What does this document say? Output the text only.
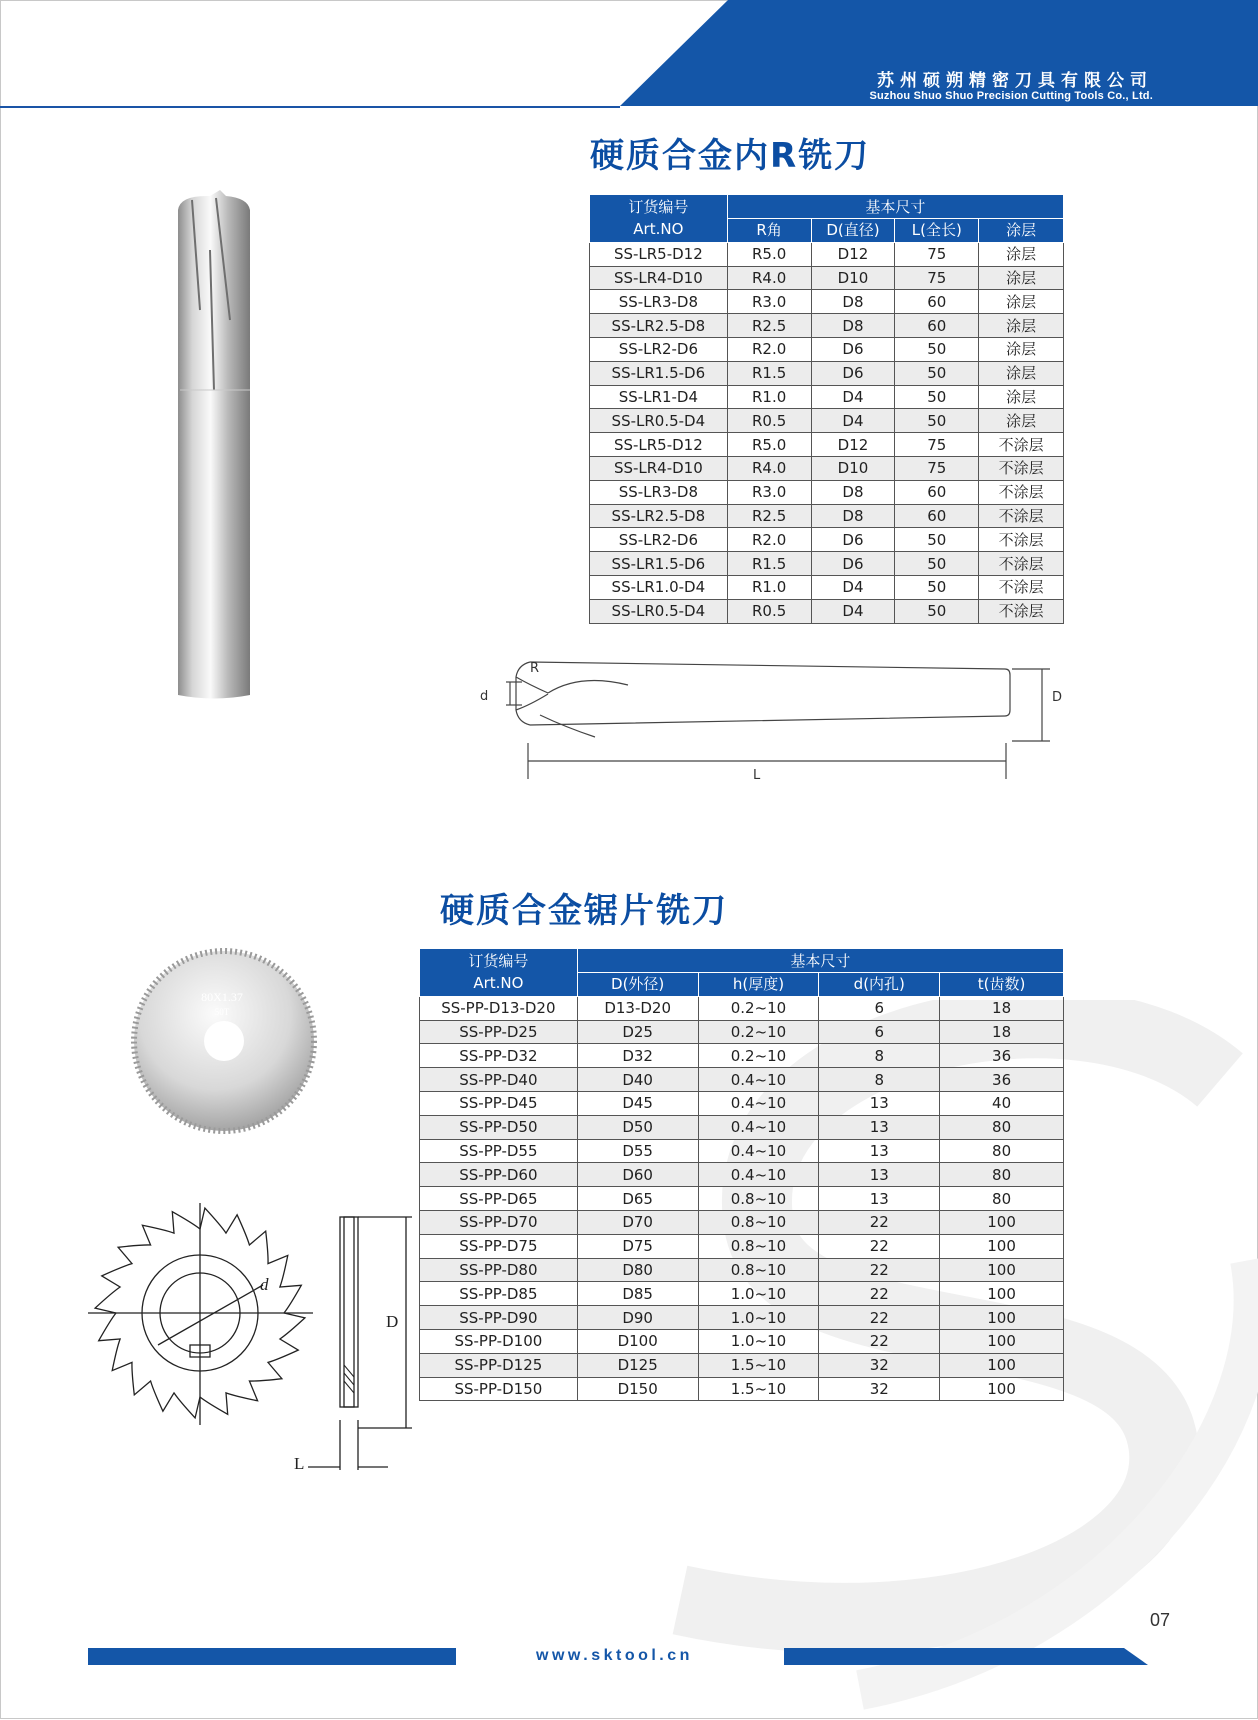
苏州硕朔精密刀具有限公司
Suzhou Shuo Shuo Precision Cutting Tools Co., Ltd.
硬质合金内R铣刀
订货编号
Art.NO	基本尺寸			
	R角	D(直径)	L(全长)	涂层
SS-LR5-D12	R5.0	D12	75	涂层
SS-LR4-D10	R4.0	D10	75	涂层
SS-LR3-D8	R3.0	D8	60	涂层
SS-LR2.5-D8	R2.5	D8	60	涂层
SS-LR2-D6	R2.0	D6	50	涂层
SS-LR1.5-D6	R1.5	D6	50	涂层
SS-LR1-D4	R1.0	D4	50	涂层
SS-LR0.5-D4	R0.5	D4	50	涂层
SS-LR5-D12	R5.0	D12	75	不涂层
SS-LR4-D10	R4.0	D10	75	不涂层
SS-LR3-D8	R3.0	D8	60	不涂层
SS-LR2.5-D8	R2.5	D8	60	不涂层
SS-LR2-D6	R2.0	D6	50	不涂层
SS-LR1.5-D6	R1.5	D6	50	不涂层
SS-LR1.0-D4	R1.0	D4	50	不涂层
SS-LR0.5-D4	R0.5	D4	50	不涂层
R
d	D
L
硬质合金锯片铣刀
80X1.37
50T
d
D
L
订货编号
Art.NO	基本尺寸			
	D(外径)	h(厚度)	d(内孔)	t(齿数)
SS-PP-D13-D20	D13-D20	0.2~10	6	18
SS-PP-D25	D25	0.2~10	6	18
SS-PP-D32	D32	0.2~10	8	36
SS-PP-D40	D40	0.4~10	8	36
SS-PP-D45	D45	0.4~10	13	40
SS-PP-D50	D50	0.4~10	13	80
SS-PP-D55	D55	0.4~10	13	80
SS-PP-D60	D60	0.4~10	13	80
SS-PP-D65	D65	0.8~10	13	80
SS-PP-D70	D70	0.8~10	22	100
SS-PP-D75	D75	0.8~10	22	100
SS-PP-D80	D80	0.8~10	22	100
SS-PP-D85	D85	1.0~10	22	100
SS-PP-D90	D90	1.0~10	22	100
SS-PP-D100	D100	1.0~10	22	100
SS-PP-D125	D125	1.5~10	32	100
SS-PP-D150	D150	1.5~10	32	100
07
www.sktool.cn
